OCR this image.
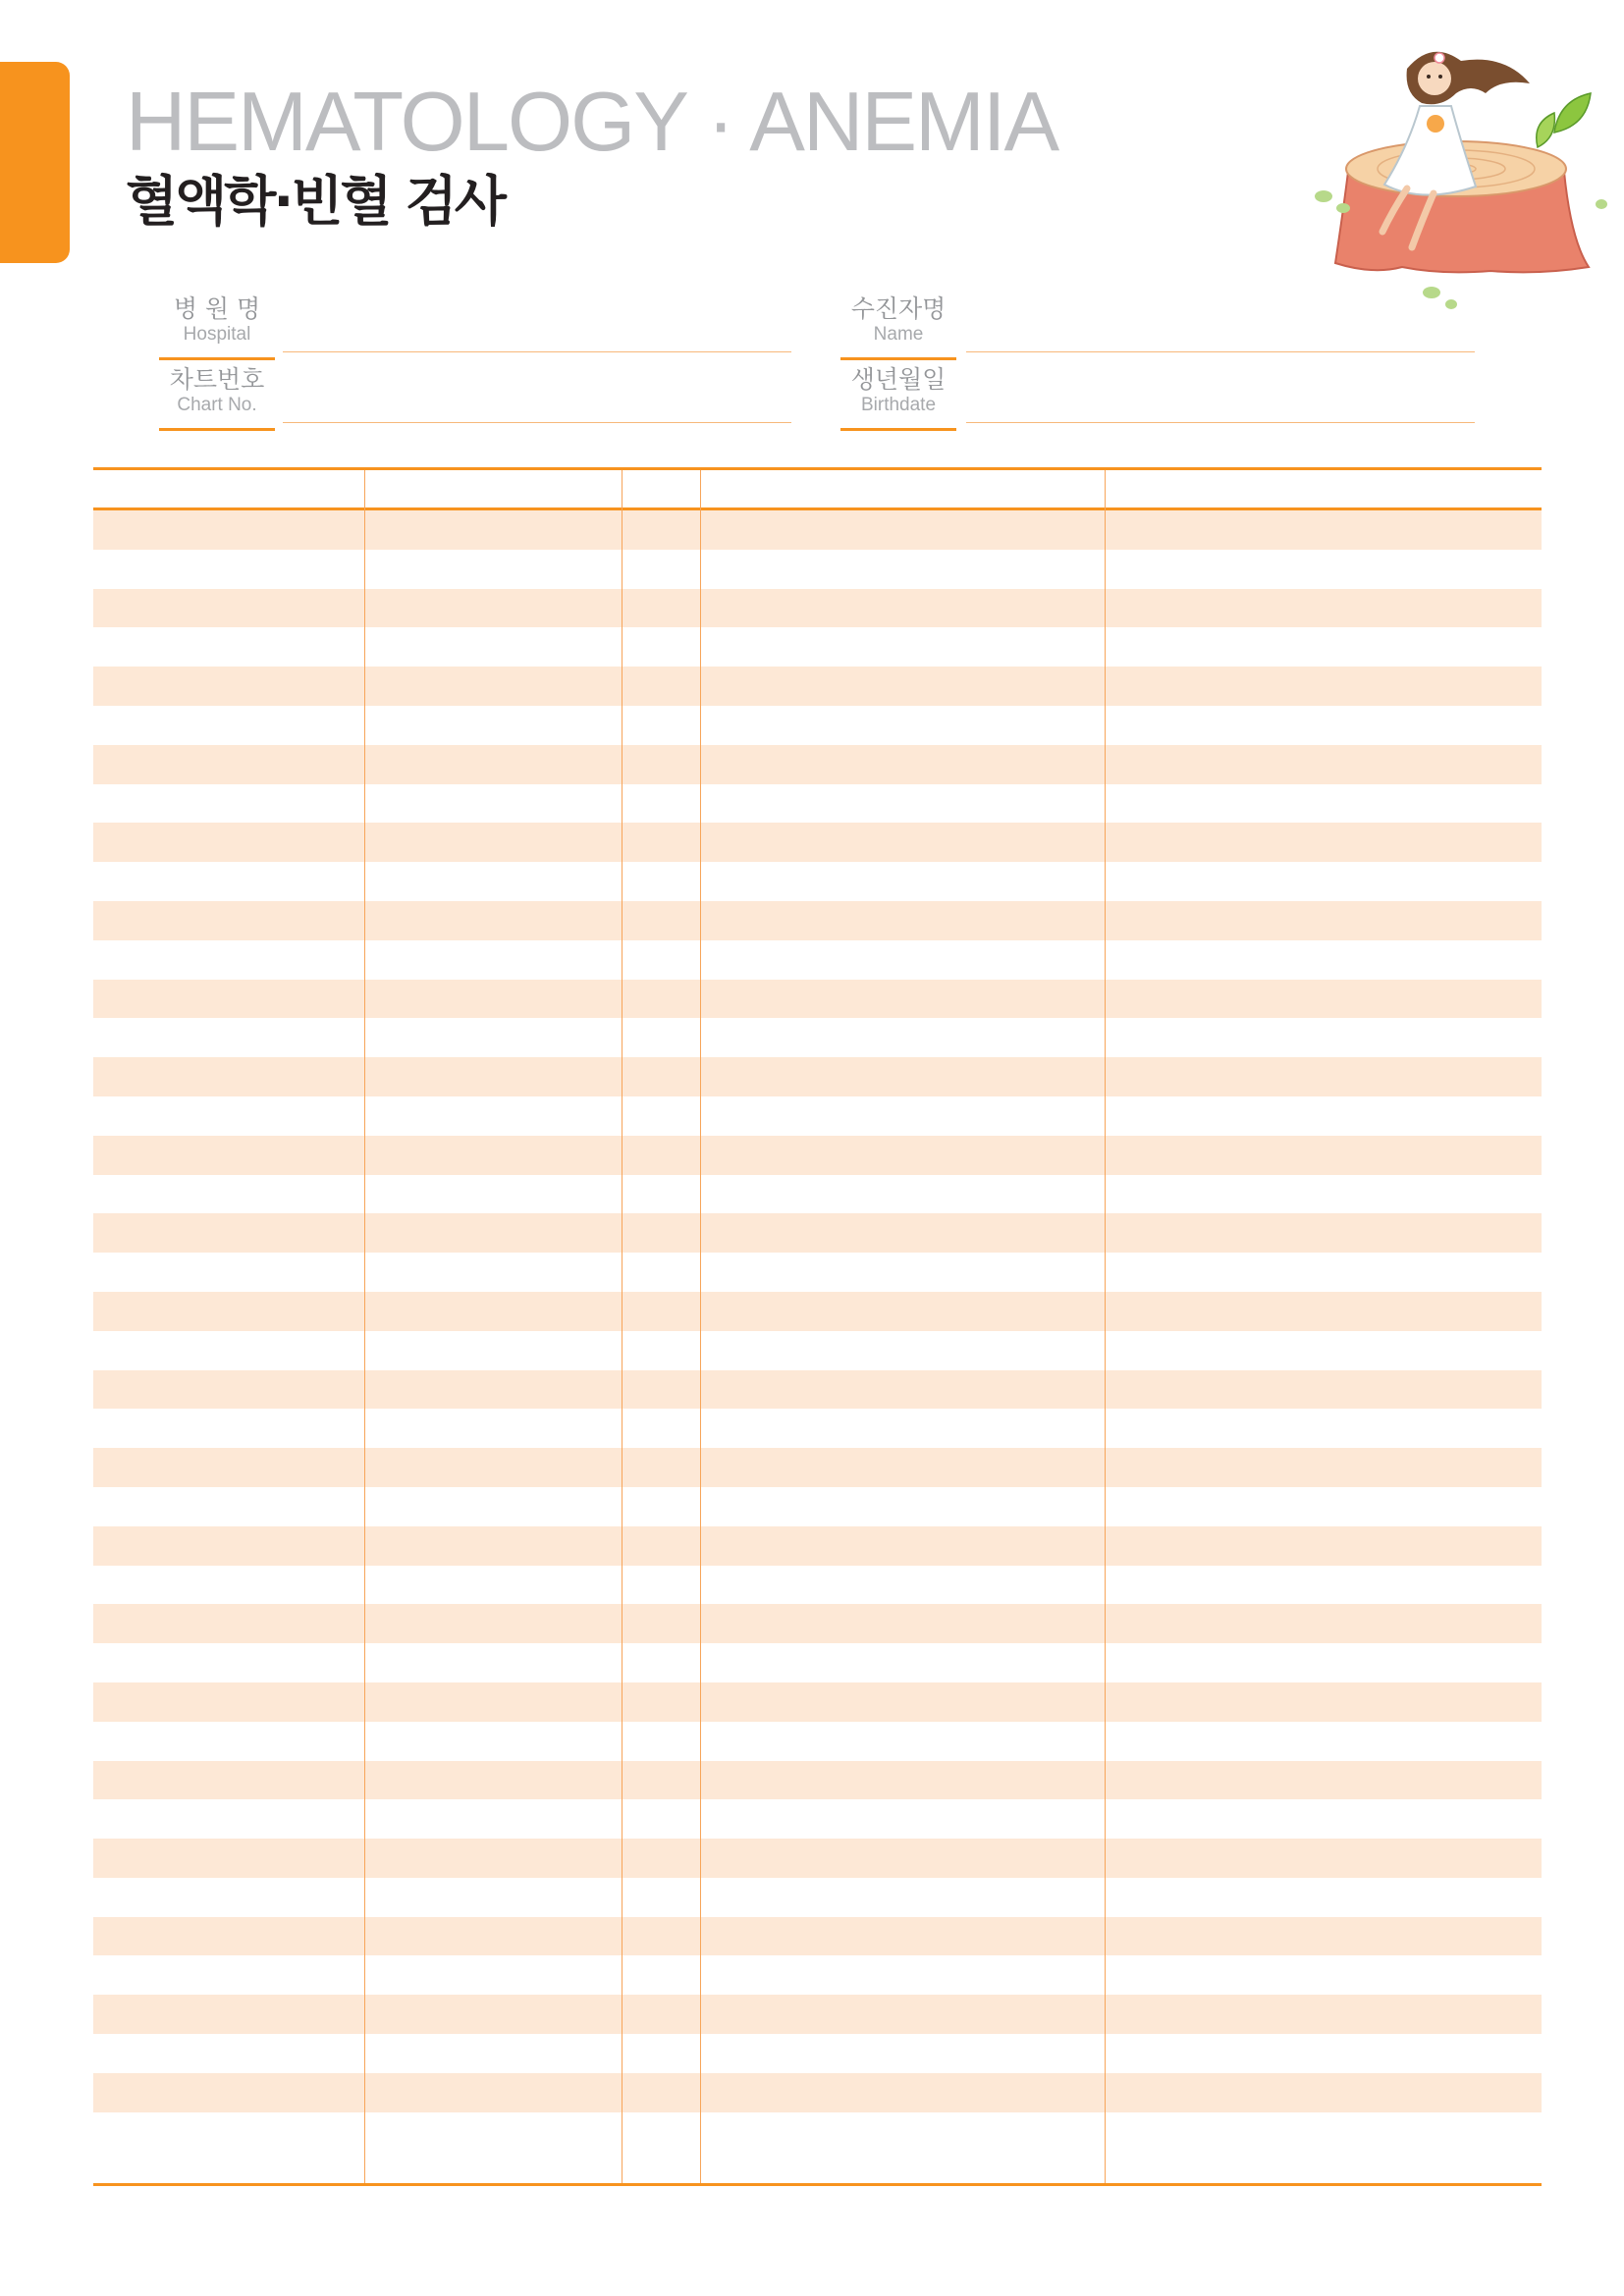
HEMATOLOGY · ANEMIA
혈액학·빈혈 검사
병 원 명
Hospital
차트번호
Chart No.
수진자명
Name
생년월일
Birthdate
